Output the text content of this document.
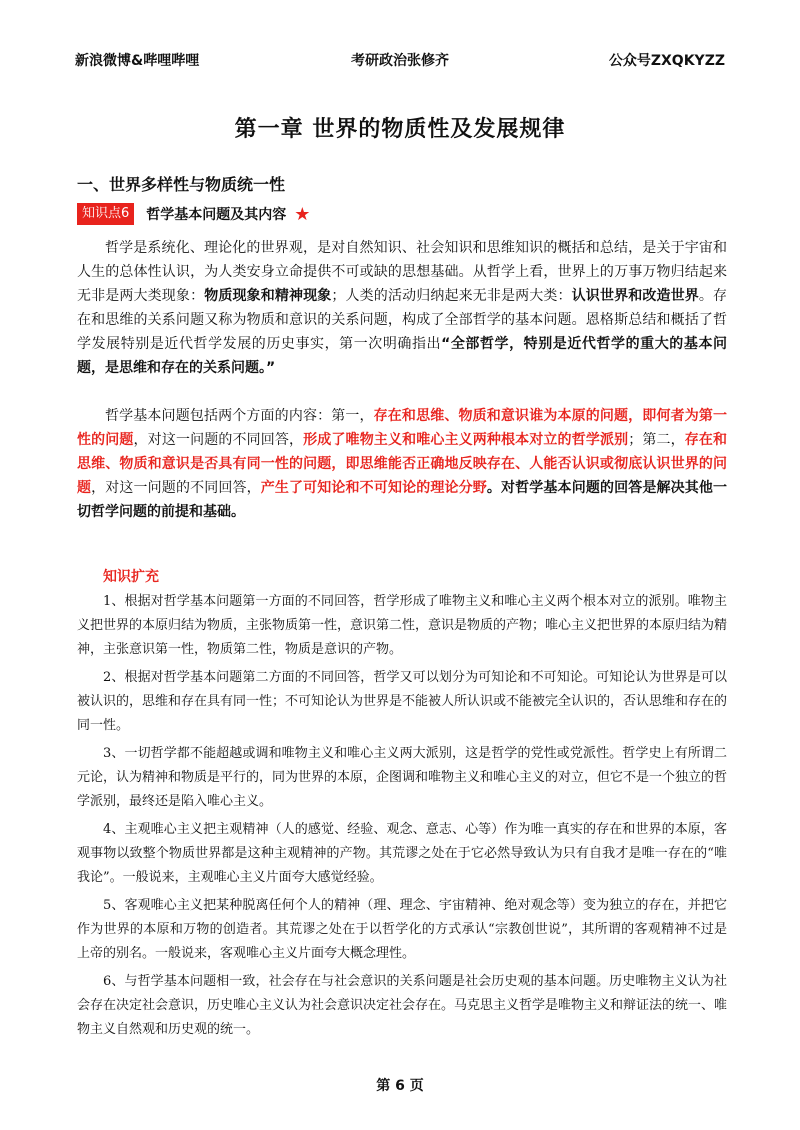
新浪微博&哔哩哔哩	考研政治张修齐	公众号ZXQKYZZ
第一章 世界的物质性及发展规律
一、世界多样性与物质统一性
知识点6	哲学基本问题及其内容 ★
哲学是系统化、理论化的世界观，是对自然知识、社会知识和思维知识的概括和总结，是关于宇宙和人生的总体性认识，为人类安身立命提供不可或缺的思想基础。从哲学上看，世界上的万事万物归结起来无非是两大类现象：物质现象和精神现象；人类的活动归纳起来无非是两大类：认识世界和改造世界。存在和思维的关系问题又称为物质和意识的关系问题，构成了全部哲学的基本问题。恩格斯总结和概括了哲学发展特别是近代哲学发展的历史事实，第一次明确指出“全部哲学，特别是近代哲学的重大的基本问题，是思维和存在的关系问题。”
哲学基本问题包括两个方面的内容：第一，存在和思维、物质和意识谁为本原的问题，即何者为第一性的问题，对这一问题的不同回答，形成了唯物主义和唯心主义两种根本对立的哲学派别；第二，存在和思维、物质和意识是否具有同一性的问题，即思维能否正确地反映存在、人能否认识或彻底认识世界的问题，对这一问题的不同回答，产生了可知论和不可知论的理论分野。对哲学基本问题的回答是解决其他一切哲学问题的前提和基础。
知识扩充

1、根据对哲学基本问题第一方面的不同回答，哲学形成了唯物主义和唯心主义两个根本对立的派别。唯物主义把世界的本原归结为物质，主张物质第一性，意识第二性，意识是物质的产物；唯心主义把世界的本原归结为精神，主张意识第一性，物质第二性，物质是意识的产物。

2、根据对哲学基本问题第二方面的不同回答，哲学又可以划分为可知论和不可知论。可知论认为世界是可以被认识的，思维和存在具有同一性；不可知论认为世界是不能被人所认识或不能被完全认识的，否认思维和存在的同一性。

3、一切哲学都不能超越或调和唯物主义和唯心主义两大派别，这是哲学的党性或党派性。哲学史上有所谓二元论，认为精神和物质是平行的，同为世界的本原，企图调和唯物主义和唯心主义的对立，但它不是一个独立的哲学派别，最终还是陷入唯心主义。

4、主观唯心主义把主观精神（人的感觉、经验、观念、意志、心等）作为唯一真实的存在和世界的本原，客观事物以致整个物质世界都是这种主观精神的产物。其荒谬之处在于它必然导致认为只有自我才是唯一存在的“唯我论”。一般说来，主观唯心主义片面夸大感觉经验。

5、客观唯心主义把某种脱离任何个人的精神（理、理念、宇宙精神、绝对观念等）变为独立的存在，并把它作为世界的本原和万物的创造者。其荒谬之处在于以哲学化的方式承认“宗教创世说”，其所谓的客观精神不过是上帝的别名。一般说来，客观唯心主义片面夸大概念理性。

6、与哲学基本问题相一致，社会存在与社会意识的关系问题是社会历史观的基本问题。历史唯物主义认为社会存在决定社会意识，历史唯心主义认为社会意识决定社会存在。马克思主义哲学是唯物主义和辩证法的统一、唯物主义自然观和历史观的统一。

第 6 页
